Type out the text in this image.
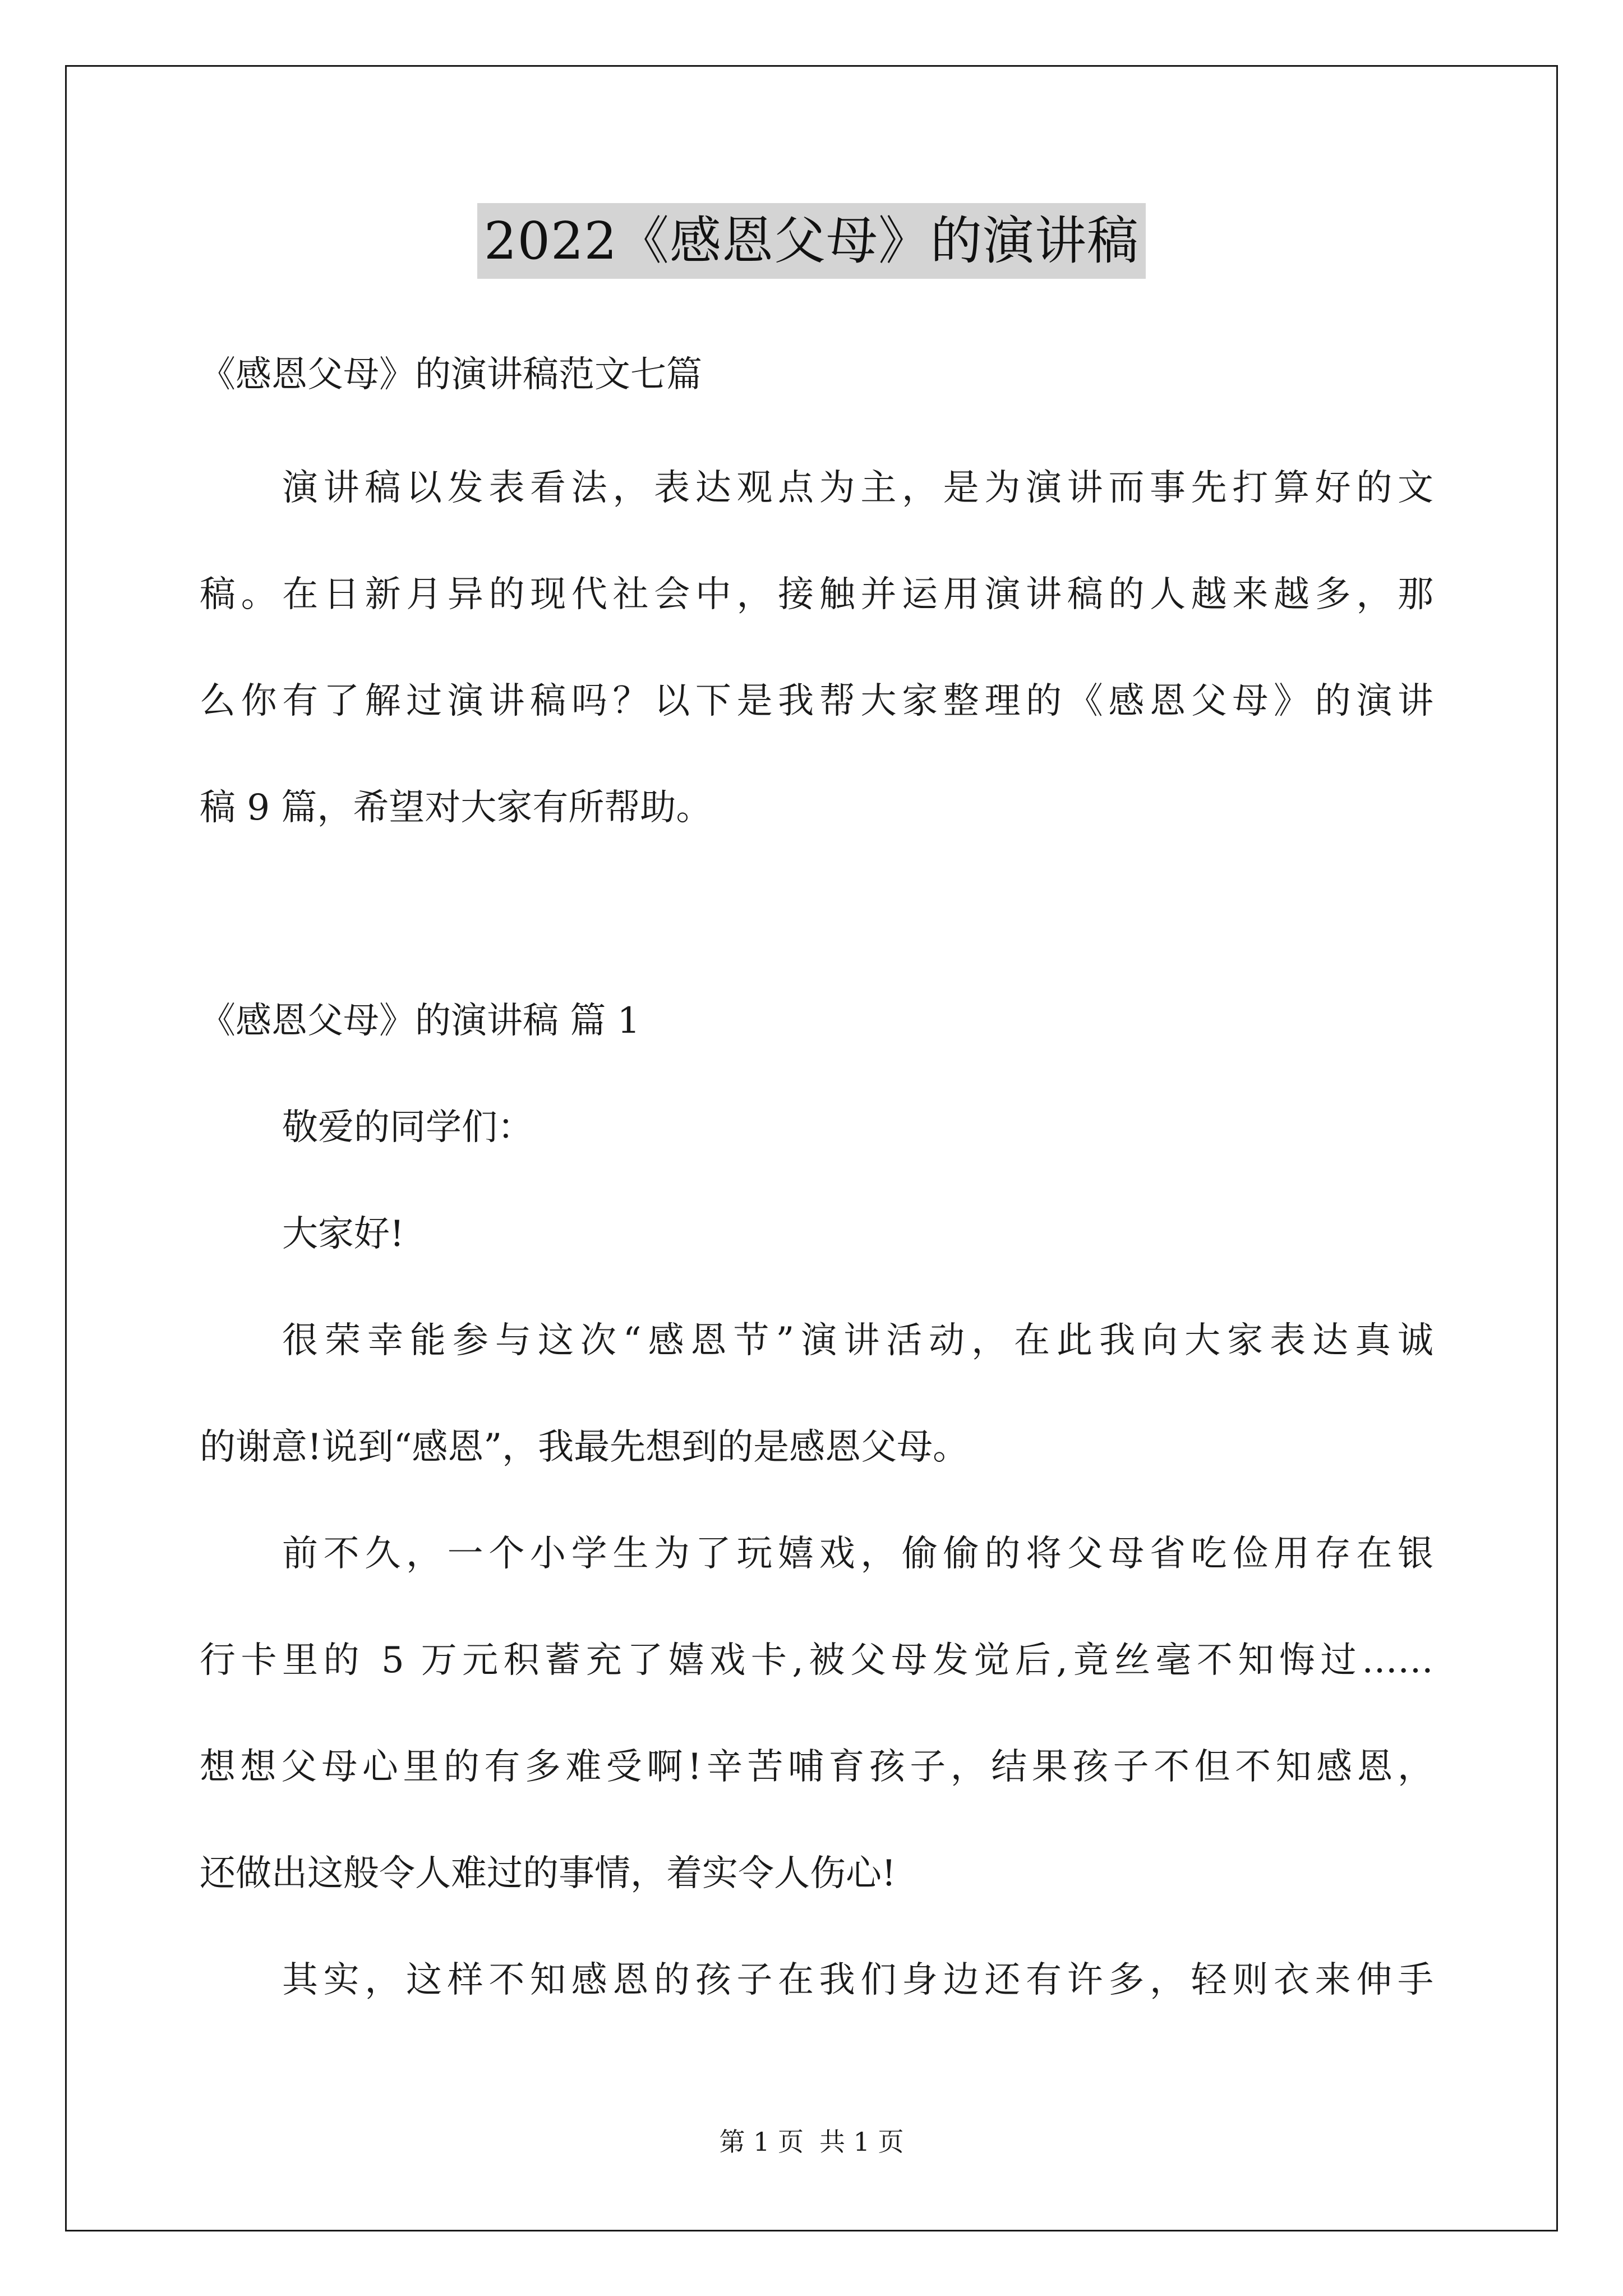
2022《感恩父母》的演讲稿
《感恩父母》的演讲稿范文七篇
演讲稿以发表看法，表达观点为主，是为演讲而事先打算好的文
稿。在日新月异的现代社会中，接触并运用演讲稿的人越来越多，那
么你有了解过演讲稿吗？以下是我帮大家整理的《感恩父母》的演讲
稿 9 篇，希望对大家有所帮助。
《感恩父母》的演讲稿 篇 1
敬爱的同学们：
大家好!
很荣幸能参与这次“感恩节”演讲活动，在此我向大家表达真诚
的谢意!说到“感恩”，我最先想到的是感恩父母。
前不久，一个小学生为了玩嬉戏，偷偷的将父母省吃俭用存在银
行卡里的 5 万元积蓄充了嬉戏卡,被父母发觉后,竟丝毫不知悔过……
想想父母心里的有多难受啊!辛苦哺育孩子，结果孩子不但不知感恩，
还做出这般令人难过的事情，着实令人伤心!
其实，这样不知感恩的孩子在我们身边还有许多，轻则衣来伸手
第 1 页 共 1 页
